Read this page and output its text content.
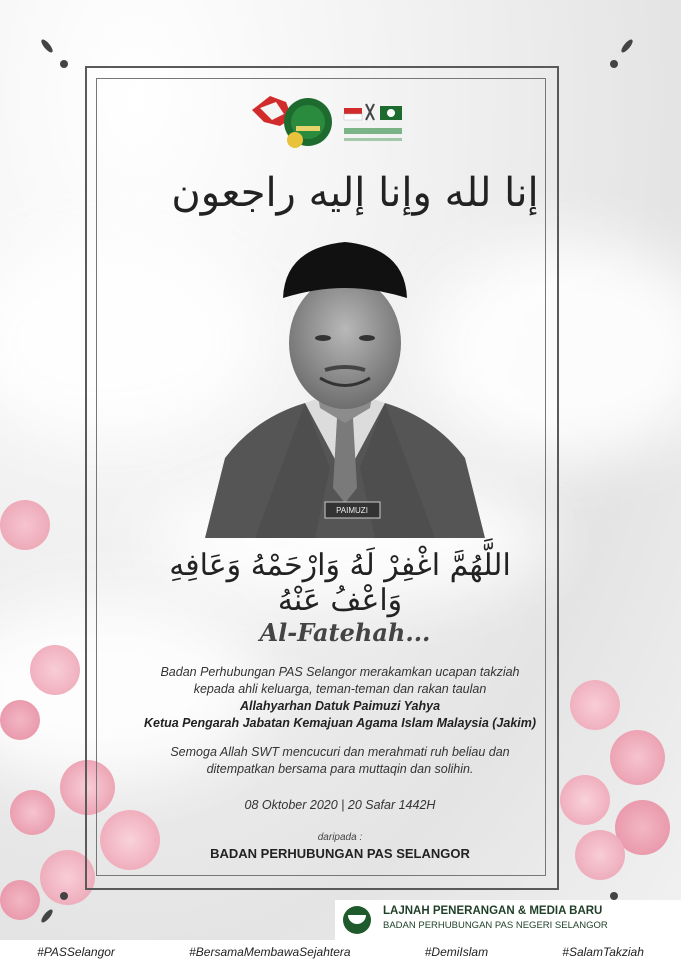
إنا لله وإنا إليه راجعون
PAIMUZI
اللَّهُمَّ اغْفِرْ لَهُ وَارْحَمْهُ وَعَافِهِ وَاعْفُ عَنْهُ
Al-Fatehah...
Badan Perhubungan PAS Selangor merakamkan ucapan takziah
kepada ahli keluarga, teman-teman dan rakan taulan
Allahyarhan Datuk Paimuzi Yahya
Ketua Pengarah Jabatan Kemajuan Agama Islam Malaysia (Jakim)
Semoga Allah SWT mencucuri dan merahmati ruh beliau dan
ditempatkan bersama para muttaqin dan solihin.
08 Oktober 2020 | 20 Safar 1442H
daripada :
BADAN PERHUBUNGAN PAS SELANGOR
LAJNAH PENERANGAN & MEDIA BARU
BADAN PERHUBUNGAN PAS NEGERI SELANGOR
#PASSelangor	#BersamaMembawaSejahtera	#DemiIslam	#SalamTakziah
